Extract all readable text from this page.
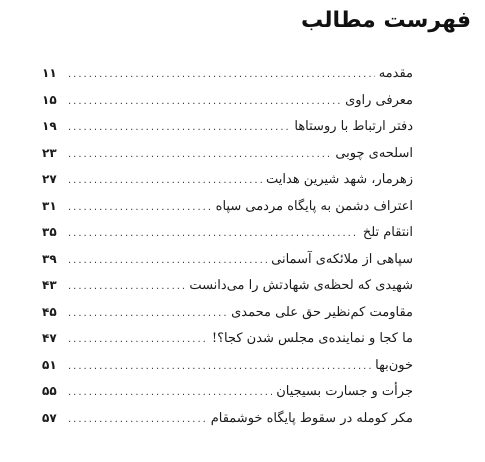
فهرست مطالب
مقدمه
.....
۱۱
معرفی راوی
.....
۱۵
دفتر ارتباط با روستاها
.....
۱۹
اسلحه‌ی چوبی
.....
۲۳
زهرمار، شهد شیرین هدایت
.....
۲۷
اعتراف دشمن به پایگاه مردمی سپاه
.....
۳۱
انتقام تلخ
.....
۳۵
سپاهی از ملائکه‌ی آسمانی
.....
۳۹
شهیدی که لحظه‌ی شهادتش را می‌دانست
.....
۴۳
مقاومت کم‌نظیر حق علی محمدی
.....
۴۵
ما کجا و نماینده‌ی مجلس شدن کجا؟!
.....
۴۷
خون‌بها
.....
۵۱
جرأت و جسارت بسیجیان
.....
۵۵
مکر کومله در سقوط پایگاه خوشمقام
.....
۵۷
